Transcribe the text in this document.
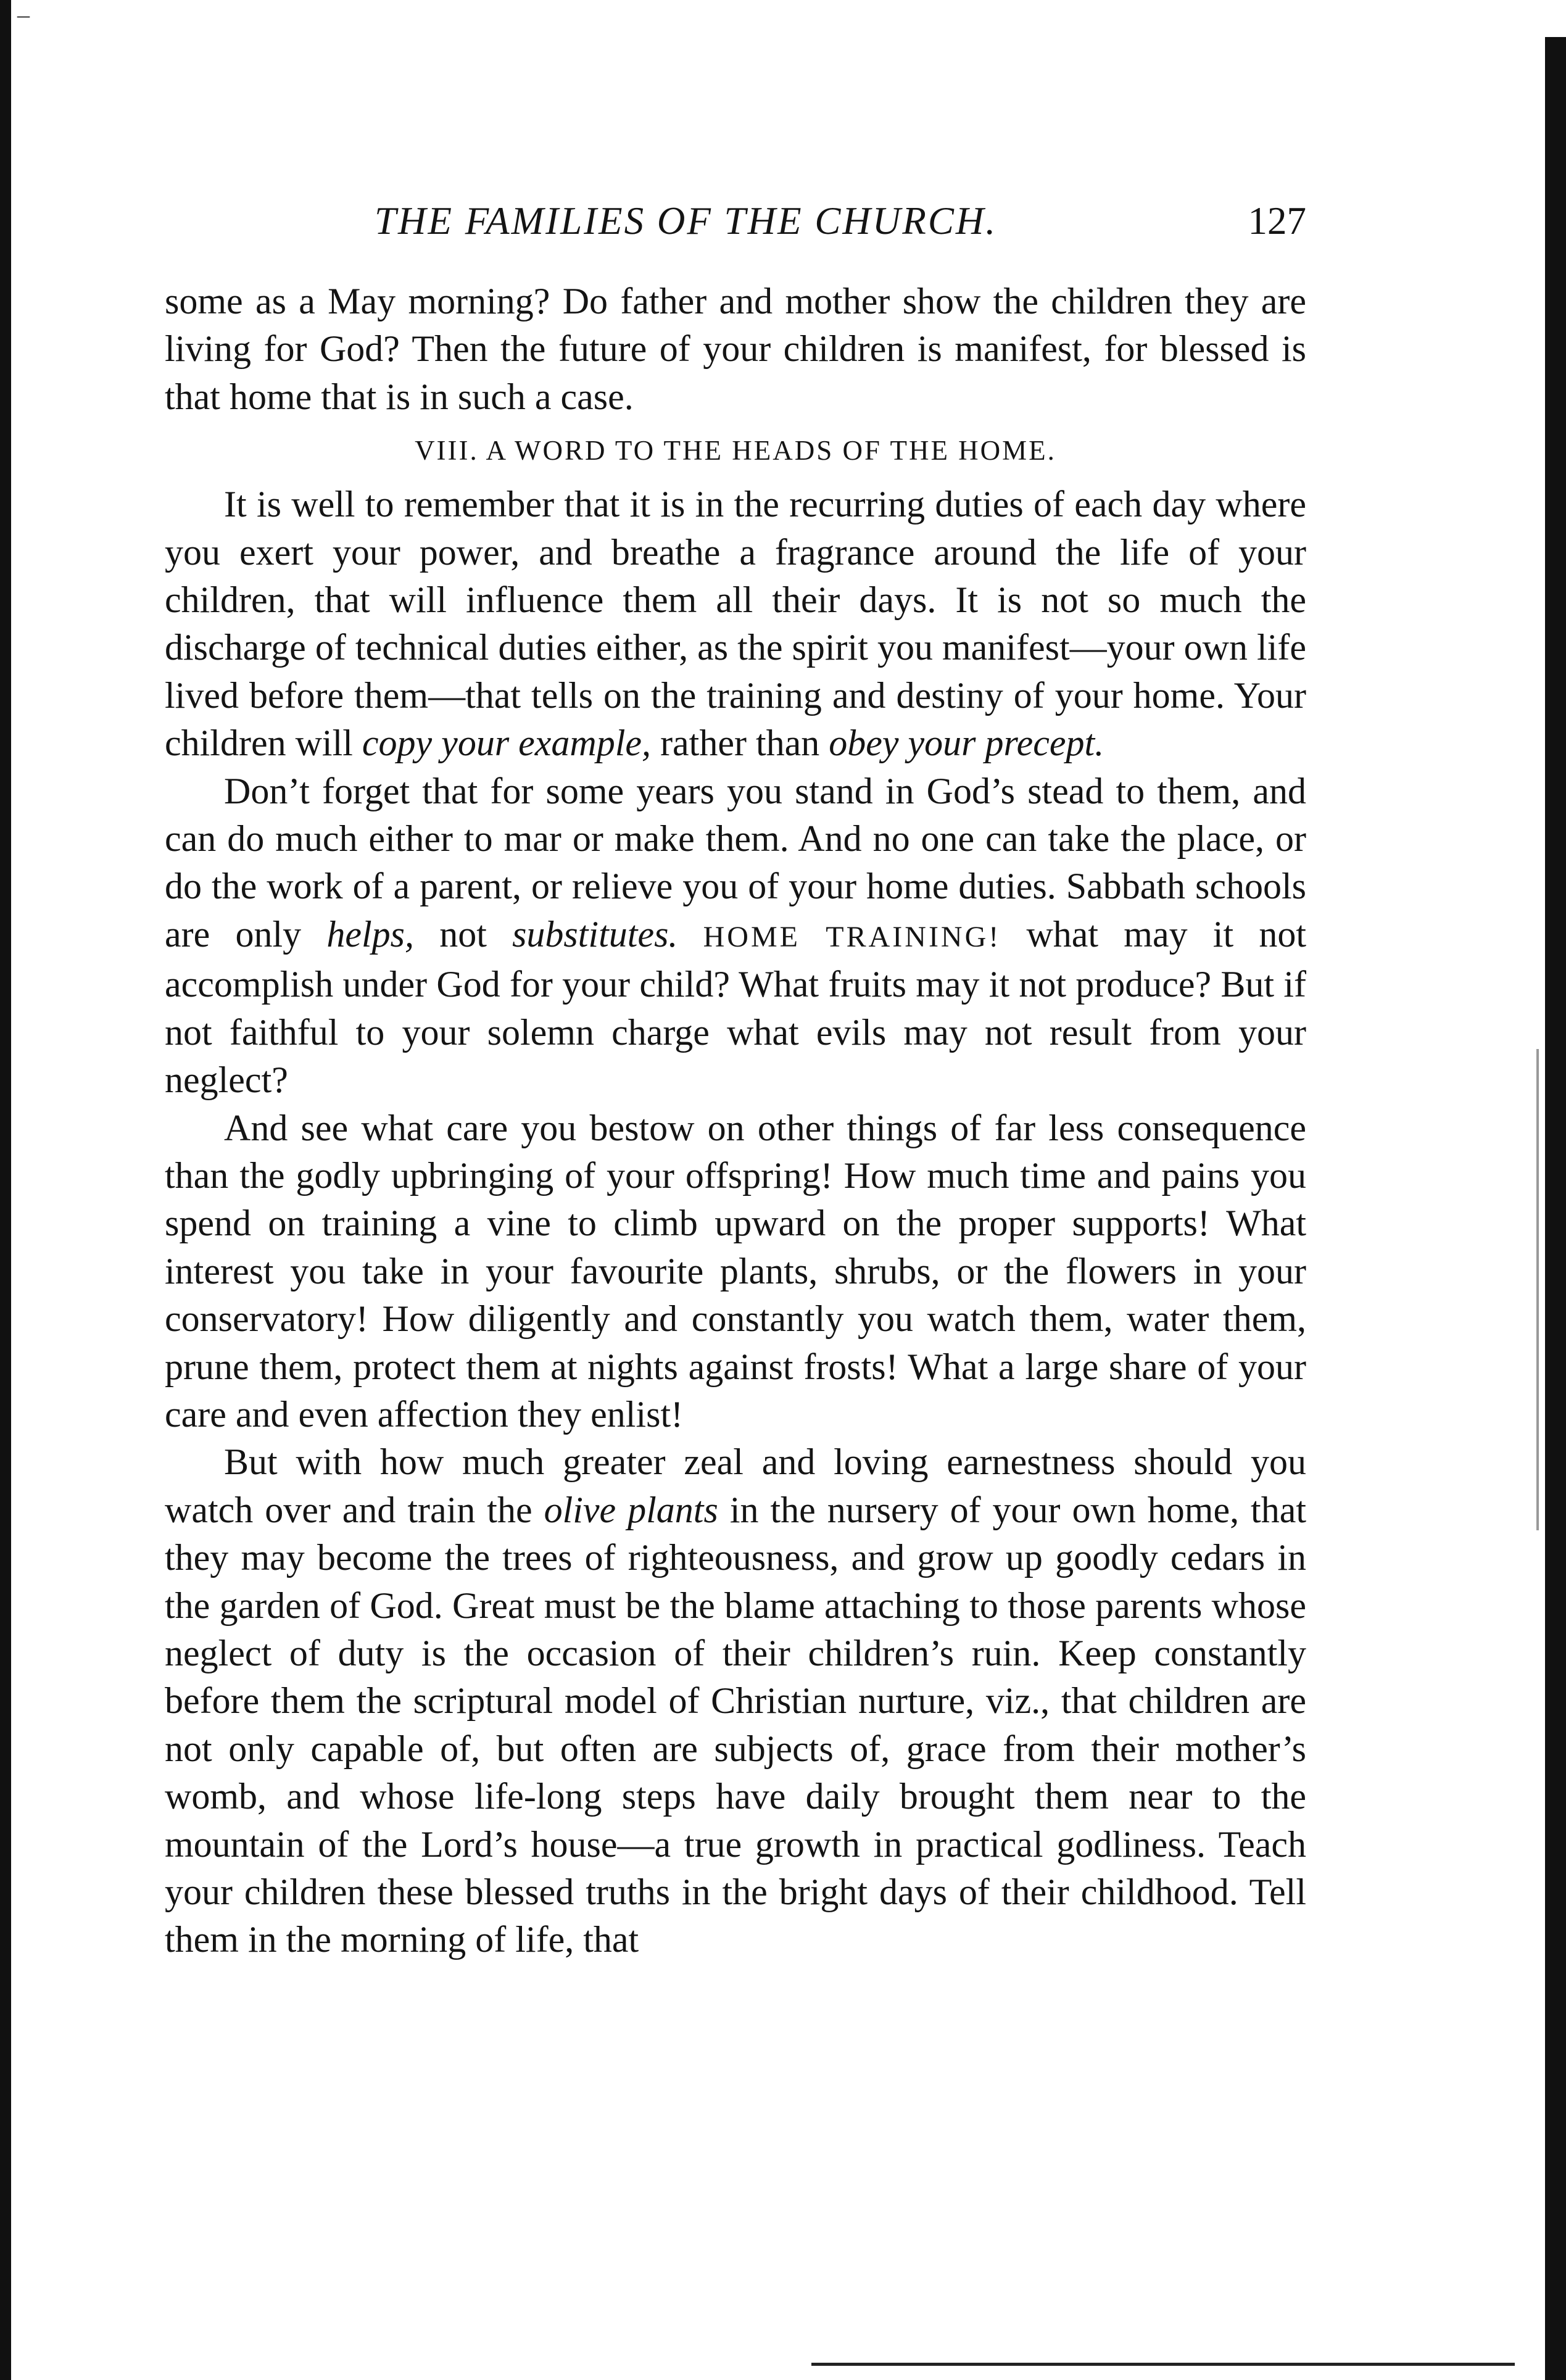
–
THE FAMILIES OF THE CHURCH.	127

some as a May morning? Do father and mother show the children they are living for God? Then the future of your children is manifest, for blessed is that home that is in such a case.

VIII. A WORD TO THE HEADS OF THE HOME.

It is well to remember that it is in the recurring duties of each day where you exert your power, and breathe a fragrance around the life of your children, that will influence them all their days. It is not so much the discharge of technical duties either, as the spirit you manifest—your own life lived before them—that tells on the training and destiny of your home. Your children will copy your example, rather than obey your precept.

Don’t forget that for some years you stand in God’s stead to them, and can do much either to mar or make them. And no one can take the place, or do the work of a parent, or relieve you of your home duties. Sabbath schools are only helps, not substitutes. HOME TRAINING! what may it not accomplish under God for your child? What fruits may it not produce? But if not faithful to your solemn charge what evils may not result from your neglect?

And see what care you bestow on other things of far less consequence than the godly upbringing of your offspring! How much time and pains you spend on training a vine to climb upward on the proper supports! What interest you take in your favourite plants, shrubs, or the flowers in your conservatory! How diligently and constantly you watch them, water them, prune them, protect them at nights against frosts! What a large share of your care and even affection they enlist!

But with how much greater zeal and loving earnestness should you watch over and train the olive plants in the nursery of your own home, that they may become the trees of righteousness, and grow up goodly cedars in the garden of God. Great must be the blame attaching to those parents whose neglect of duty is the occasion of their children’s ruin. Keep constantly before them the scriptural model of Christian nurture, viz., that children are not only capable of, but often are subjects of, grace from their mother’s womb, and whose life-long steps have daily brought them near to the mountain of the Lord’s house—a true growth in practical godliness. Teach your children these blessed truths in the bright days of their childhood. Tell them in the morning of life, that
